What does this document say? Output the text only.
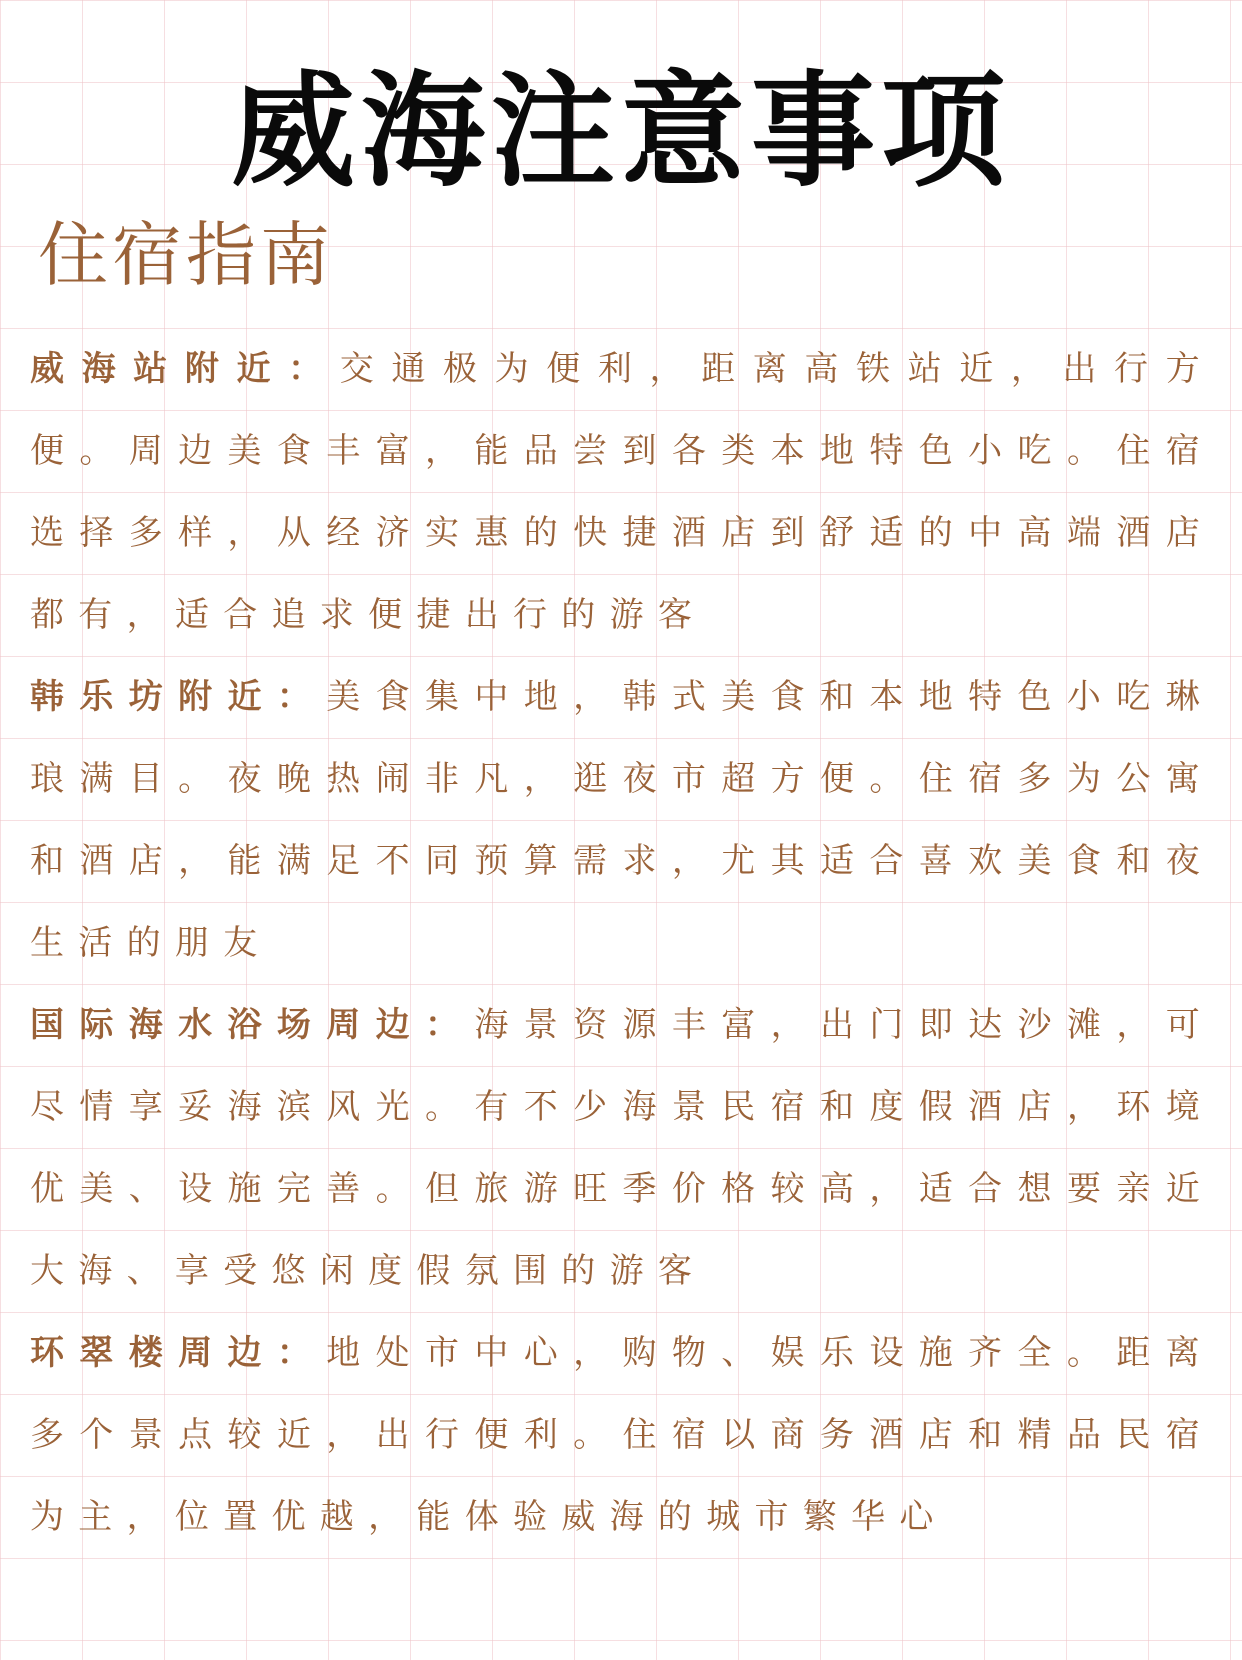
威海注意事项
住宿指南

威海站附近：交通极为便利，距离高铁站近，出行方便。周边美食丰富，能品尝到各类本地特色小吃。住宿选择多样，从经济实惠的快捷酒店到舒适的中高端酒店都有，适合追求便捷出行的游客

韩乐坊附近：美食集中地，韩式美食和本地特色小吃琳琅满目。夜晚热闹非凡，逛夜市超方便。住宿多为公寓和酒店，能满足不同预算需求，尤其适合喜欢美食和夜生活的朋友

国际海水浴场周边：海景资源丰富，出门即达沙滩，可尽情享妥海滨风光。有不少海景民宿和度假酒店，环境优美、设施完善。但旅游旺季价格较高，适合想要亲近大海、享受悠闲度假氛围的游客

环翠楼周边：地处市中心，购物、娱乐设施齐全。距离多个景点较近，出行便利。住宿以商务酒店和精品民宿为主，位置优越，能体验威海的城市繁华心
